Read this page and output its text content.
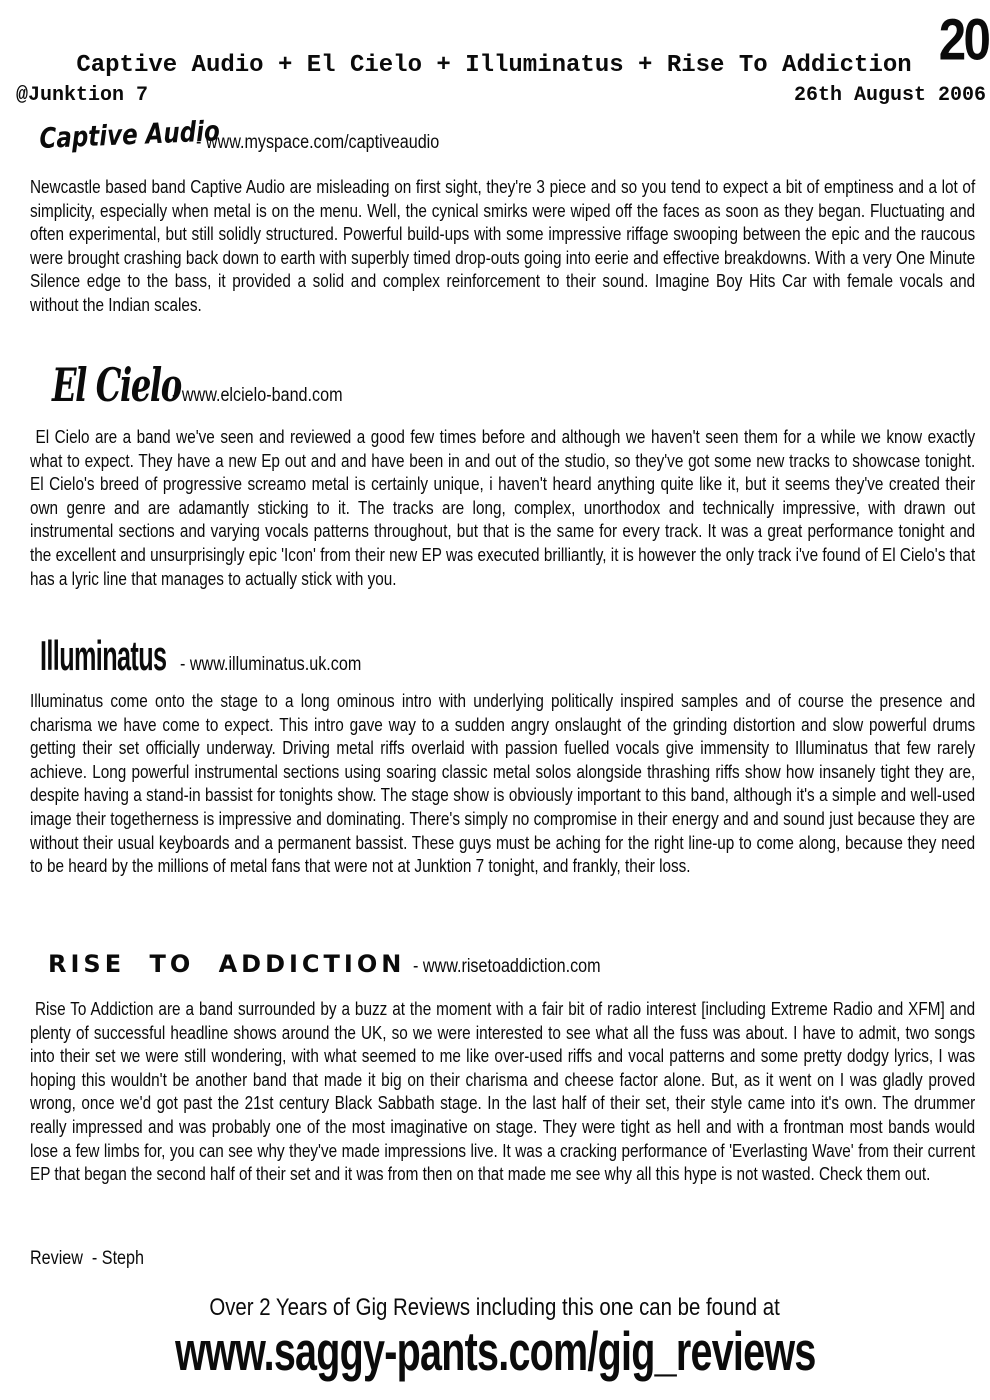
20
Captive Audio + El Cielo + Illuminatus + Rise To Addiction
@Junktion 7	26th August 2006
Captive Audio
- www.myspace.com/captiveaudio

Newcastle based band Captive Audio are misleading on first sight, they're 3 piece and so you tend to expect a bit of emptiness and a lot of simplicity, especially when metal is on the menu. Well, the cynical smirks were wiped off the faces as soon as they began. Fluctuating and often experimental, but still solidly structured. Powerful build-ups with some impressive riffage swooping between the epic and the raucous were brought crashing back down to earth with superbly timed drop-outs going into eerie and effective breakdowns. With a very One Minute Silence edge to the bass, it provided a solid and complex reinforcement to their sound. Imagine Boy Hits Car with female vocals and without the Indian scales.

El Cielo
- www.elcielo-band.com

El Cielo are a band we've seen and reviewed a good few times before and although we haven't seen them for a while we know exactly what to expect. They have a new Ep out and and have been in and out of the studio, so they've got some new tracks to showcase tonight. El Cielo's breed of progressive screamo metal is certainly unique, i haven't heard anything quite like it, but it seems they've created their own genre and are adamantly sticking to it. The tracks are long, complex, unorthodox and technically impressive, with drawn out instrumental sections and varying vocals patterns throughout, but that is the same for every track. It was a great performance tonight and the excellent and unsurprisingly epic 'Icon' from their new EP was executed brilliantly, it is however the only track i've found of El Cielo's that has a lyric line that manages to actually stick with you.

Illuminatus - www.illuminatus.uk.com

Illuminatus come onto the stage to a long ominous intro with underlying politically inspired samples and of course the presence and charisma we have come to expect. This intro gave way to a sudden angry onslaught of the grinding distortion and slow powerful drums getting their set officially underway. Driving metal riffs overlaid with passion fuelled vocals give immensity to Illuminatus that few rarely achieve. Long powerful instrumental sections using soaring classic metal solos alongside thrashing riffs show how insanely tight they are, despite having a stand-in bassist for tonights show. The stage show is obviously important to this band, although it's a simple and well-used image their togetherness is impressive and dominating. There's simply no compromise in their energy and and sound just because they are without their usual keyboards and a permanent bassist. These guys must be aching for the right line-up to come along, because they need to be heard by the millions of metal fans that were not at Junktion 7 tonight, and frankly, their loss.

RISE TO ADDICTION - www.risetoaddiction.com

Rise To Addiction are a band surrounded by a buzz at the moment with a fair bit of radio interest [including Extreme Radio and XFM] and plenty of successful headline shows around the UK, so we were interested to see what all the fuss was about. I have to admit, two songs into their set we were still wondering, with what seemed to me like over-used riffs and vocal patterns and some pretty dodgy lyrics, I was hoping this wouldn't be another band that made it big on their charisma and cheese factor alone. But, as it went on I was gladly proved wrong, once we'd got past the 21st century Black Sabbath stage. In the last half of their set, their style came into it's own. The drummer really impressed and was probably one of the most imaginative on stage. They were tight as hell and with a frontman most bands would lose a few limbs for, you can see why they've made impressions live. It was a cracking performance of 'Everlasting Wave' from their current EP that began the second half of their set and it was from then on that made me see why all this hype is not wasted. Check them out.

Review  - Steph
Over 2 Years of Gig Reviews including this one can be found at
www.saggy-pants.com/gig_reviews
